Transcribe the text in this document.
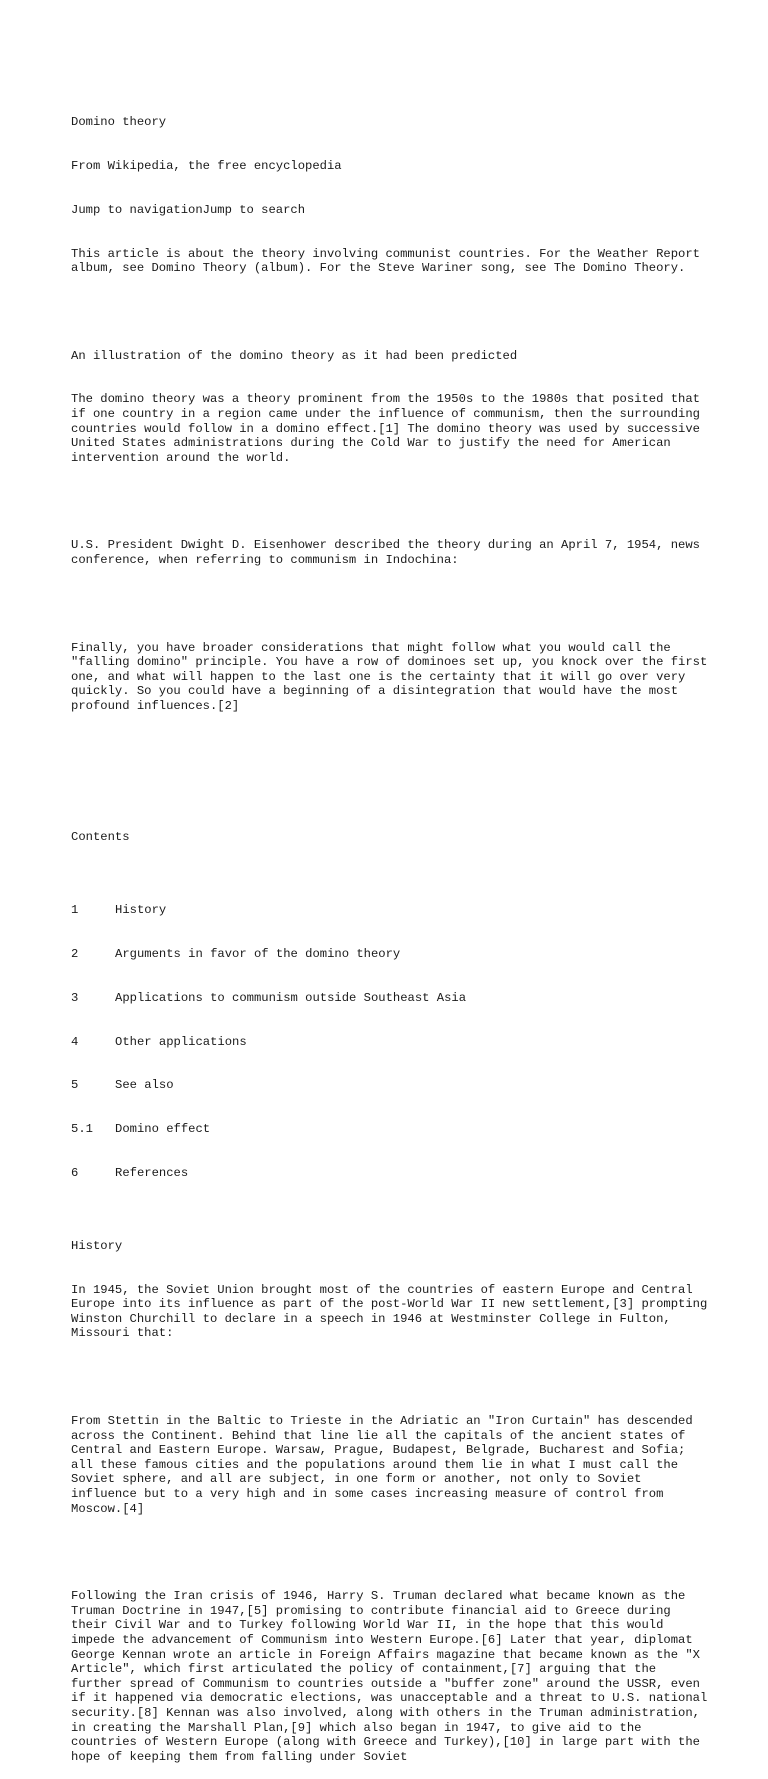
Domino theory

From Wikipedia, the free encyclopedia

Jump to navigationJump to search

This article is about the theory involving communist countries. For the Weather Report album, see Domino Theory (album). For the Steve Wariner song, see The Domino Theory.

An illustration of the domino theory as it had been predicted

The domino theory was a theory prominent from the 1950s to the 1980s that posited that if one country in a region came under the influence of communism, then the surrounding countries would follow in a domino effect.[1] The domino theory was used by successive United States administrations during the Cold War to justify the need for American intervention around the world.

U.S. President Dwight D. Eisenhower described the theory during an April 7, 1954, news conference, when referring to communism in Indochina:

Finally, you have broader considerations that might follow what you would call the "falling domino" principle. You have a row of dominoes set up, you knock over the first one, and what will happen to the last one is the certainty that it will go over very quickly. So you could have a beginning of a disintegration that would have the most profound influences.[2]

Contents

1	History

2	Arguments in favor of the domino theory

3	Applications to communism outside Southeast Asia

4	Other applications

5	See also

5.1	Domino effect

6	References

History

In 1945, the Soviet Union brought most of the countries of eastern Europe and Central Europe into its influence as part of the post-World War II new settlement,[3] prompting Winston Churchill to declare in a speech in 1946 at Westminster College in Fulton, Missouri that:

From Stettin in the Baltic to Trieste in the Adriatic an "Iron Curtain" has descended across the Continent. Behind that line lie all the capitals of the ancient states of Central and Eastern Europe. Warsaw, Prague, Budapest, Belgrade, Bucharest and Sofia; all these famous cities and the populations around them lie in what I must call the Soviet sphere, and all are subject, in one form or another, not only to Soviet influence but to a very high and in some cases increasing measure of control from Moscow.[4]

Following the Iran crisis of 1946, Harry S. Truman declared what became known as the Truman Doctrine in 1947,[5] promising to contribute financial aid to Greece during their Civil War and to Turkey following World War II, in the hope that this would impede the advancement of Communism into Western Europe.[6] Later that year, diplomat George Kennan wrote an article in Foreign Affairs magazine that became known as the "X Article", which first articulated the policy of containment,[7] arguing that the further spread of Communism to countries outside a "buffer zone" around the USSR, even if it happened via democratic elections, was unacceptable and a threat to U.S. national security.[8] Kennan was also involved, along with others in the Truman administration, in creating the Marshall Plan,[9] which also began in 1947, to give aid to the countries of Western Europe (along with Greece and Turkey),[10] in large part with the hope of keeping them from falling under Soviet
